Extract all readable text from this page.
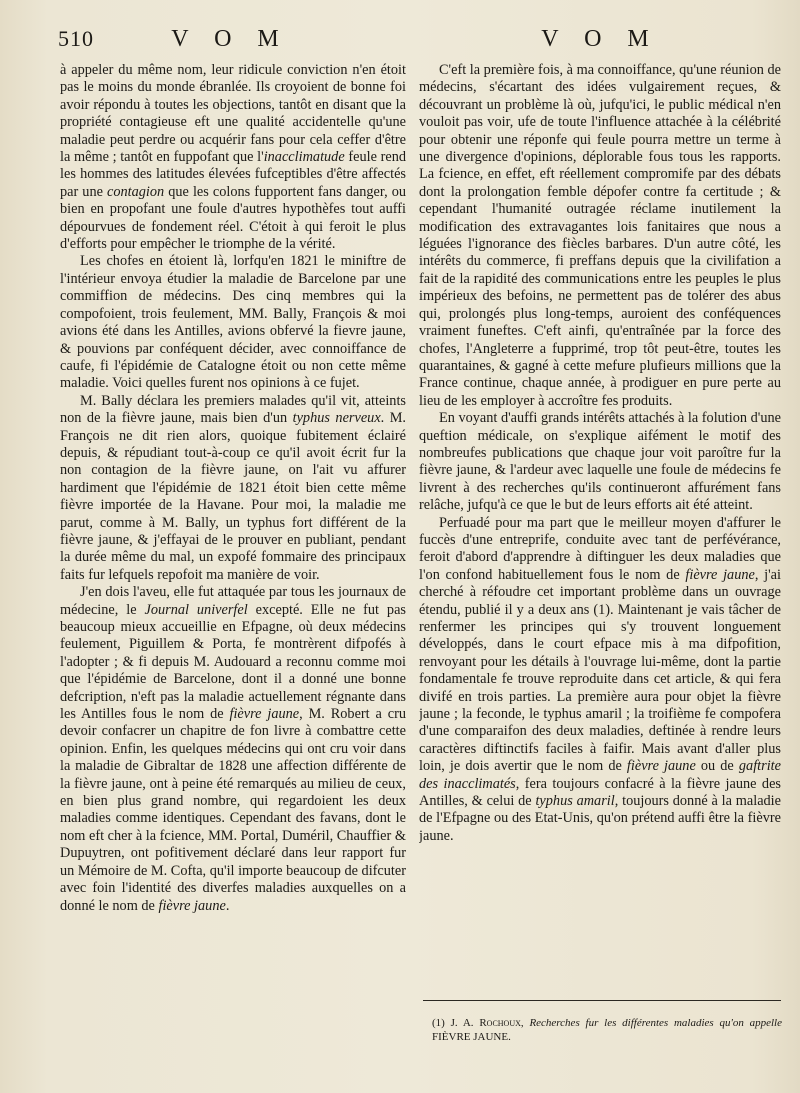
510	V O M	V O M

à appeler du même nom, leur ridicule conviction n'en étoit pas le moins du monde ébranlée. Ils croyoient de bonne foi avoir répondu à toutes les objections, tantôt en disant que la propriété contagieuse eft une qualité accidentelle qu'une maladie peut perdre ou acquérir fans pour cela ceffer d'être la même ; tantôt en fuppofant que l'inacclimatude feule rend les hommes des latitudes élevées fufceptibles d'être affectés par une contagion que les colons fupportent fans danger, ou bien en propofant une foule d'autres hypothèfes tout auffi dépourvues de fondement réel. C'étoit à qui feroit le plus d'efforts pour empêcher le triomphe de la vérité.

Les chofes en étoient là, lorfqu'en 1821 le miniftre de l'intérieur envoya étudier la maladie de Barcelone par une commiffion de médecins. Des cinq membres qui la compofoient, trois feulement, MM. Bally, François & moi avions été dans les Antilles, avions obfervé la fievre jaune, & pouvions par conféquent décider, avec connoiffance de caufe, fi l'épidémie de Catalogne étoit ou non cette même maladie. Voici quelles furent nos opinions à ce fujet.

M. Bally déclara les premiers malades qu'il vit, atteints non de la fièvre jaune, mais bien d'un typhus nerveux. M. François ne dit rien alors, quoique fubitement éclairé depuis, & répudiant tout-à-coup ce qu'il avoit écrit fur la non contagion de la fièvre jaune, on l'ait vu affurer hardiment que l'épidémie de 1821 étoit bien cette même fièvre importée de la Havane. Pour moi, la maladie me parut, comme à M. Bally, un typhus fort différent de la fièvre jaune, & j'effayai de le prouver en publiant, pendant la durée même du mal, un expofé fommaire des principaux faits fur lefquels repofoit ma manière de voir.

J'en dois l'aveu, elle fut attaquée par tous les journaux de médecine, le Journal univerfel excepté. Elle ne fut pas beaucoup mieux accueillie en Efpagne, où deux médecins feulement, Piguillem & Porta, fe montrèrent difpofés à l'adopter ; & fi depuis M. Audouard a reconnu comme moi que l'épidémie de Barcelone, dont il a donné une bonne defcription, n'eft pas la maladie actuellement régnante dans les Antilles fous le nom de fièvre jaune, M. Robert a cru devoir confacrer un chapitre de fon livre à combattre cette opinion. Enfin, les quelques médecins qui ont cru voir dans la maladie de Gibraltar de 1828 une affection différente de la fièvre jaune, ont à peine été remarqués au milieu de ceux, en bien plus grand nombre, qui regardoient les deux maladies comme identiques. Cependant des favans, dont le nom eft cher à la fcience, MM. Portal, Duméril, Chauffier & Dupuytren, ont pofitivement déclaré dans leur rapport fur un Mémoire de M. Cofta, qu'il importe beaucoup de difcuter avec foin l'identité des diverfes maladies auxquelles on a donné le nom de fièvre jaune.

C'eft la première fois, à ma connoiffance, qu'une réunion de médecins, s'écartant des idées vulgairement reçues, & découvrant un problème là où, jufqu'ici, le public médical n'en vouloit pas voir, ufe de toute l'influence attachée à la célébrité pour obtenir une réponfe qui feule pourra mettre un terme à une divergence d'opinions, déplorable fous tous les rapports. La fcience, en effet, eft réellement compromife par des débats dont la prolongation femble dépofer contre fa certitude ; & cependant l'humanité outragée réclame inutilement la modification des extravagantes lois fanitaires que nous a léguées l'ignorance des fiècles barbares. D'un autre côté, les intérêts du commerce, fi preffans depuis que la civilifation a fait de la rapidité des communications entre les peuples le plus impérieux des befoins, ne permettent pas de tolérer des abus qui, prolongés plus long-temps, auroient des conféquences vraiment funeftes. C'eft ainfi, qu'entraînée par la force des chofes, l'Angleterre a fupprimé, trop tôt peut-être, toutes les quarantaines, & gagné à cette mefure plufieurs millions que la France continue, chaque année, à prodiguer en pure perte au lieu de les employer à accroître fes produits.

En voyant d'auffi grands intérêts attachés à la folution d'une queftion médicale, on s'explique aifément le motif des nombreufes publications que chaque jour voit paroître fur la fièvre jaune, & l'ardeur avec laquelle une foule de médecins fe livrent à des recherches qu'ils continueront affurément fans relâche, jufqu'à ce que le but de leurs efforts ait été atteint.

Perfuadé pour ma part que le meilleur moyen d'affurer le fuccès d'une entreprife, conduite avec tant de perfévérance, feroit d'abord d'apprendre à diftinguer les deux maladies que l'on confond habituellement fous le nom de fièvre jaune, j'ai cherché à réfoudre cet important problème dans un ouvrage étendu, publié il y a deux ans (1). Maintenant je vais tâcher de renfermer les principes qui s'y trouvent longuement développés, dans le court efpace mis à ma difpofition, renvoyant pour les détails à l'ouvrage lui-même, dont la partie fondamentale fe trouve reproduite dans cet article, & qui fera divifé en trois parties. La première aura pour objet la fièvre jaune ; la feconde, le typhus amaril ; la troifième fe compofera d'une comparaifon des deux maladies, deftinée à rendre leurs caractères diftinctifs faciles à faifir. Mais avant d'aller plus loin, je dois avertir que le nom de fièvre jaune ou de gaftrite des inacclimatés, fera toujours confacré à la fièvre jaune des Antilles, & celui de typhus amaril, toujours donné à la maladie de l'Efpagne ou des Etat-Unis, qu'on prétend auffi être la fièvre jaune.

(1) J. A. Rochoux, Recherches fur les différentes maladies qu'on appelle FIÈVRE JAUNE.
